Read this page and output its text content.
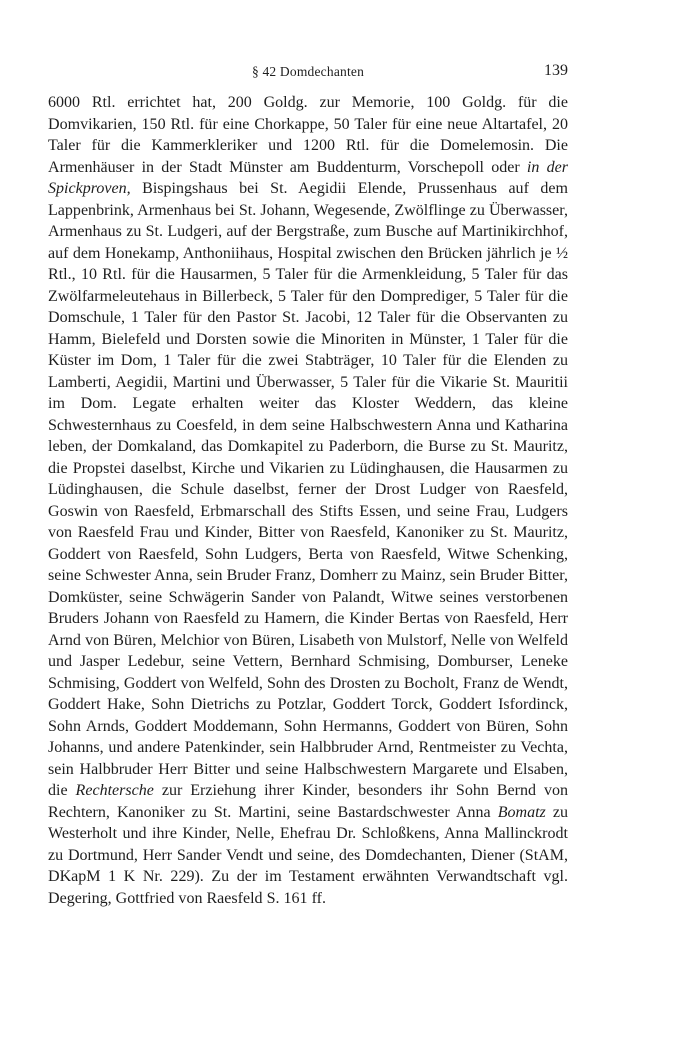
§ 42 Domdechanten	139

6000 Rtl. errichtet hat, 200 Goldg. zur Memorie, 100 Goldg. für die Domvikarien, 150 Rtl. für eine Chorkappe, 50 Taler für eine neue Altartafel, 20 Taler für die Kammerkleriker und 1200 Rtl. für die Domelemosin. Die Armenhäuser in der Stadt Münster am Buddenturm, Vorschepoll oder in der Spickproven, Bispingshaus bei St. Aegidii Elende, Prussenhaus auf dem Lappenbrink, Armenhaus bei St. Johann, Wegesende, Zwölflinge zu Überwasser, Armenhaus zu St. Ludgeri, auf der Bergstraße, zum Busche auf Martinikirchhof, auf dem Honekamp, Anthoniihaus, Hospital zwischen den Brücken jährlich je ½ Rtl., 10 Rtl. für die Hausarmen, 5 Taler für die Armenkleidung, 5 Taler für das Zwölfarmeleutehaus in Billerbeck, 5 Taler für den Domprediger, 5 Taler für die Domschule, 1 Taler für den Pastor St. Jacobi, 12 Taler für die Observanten zu Hamm, Bielefeld und Dorsten sowie die Minoriten in Münster, 1 Taler für die Küster im Dom, 1 Taler für die zwei Stabträger, 10 Taler für die Elenden zu Lamberti, Aegidii, Martini und Überwasser, 5 Taler für die Vikarie St. Mauritii im Dom. Legate erhalten weiter das Kloster Weddern, das kleine Schwesternhaus zu Coesfeld, in dem seine Halbschwestern Anna und Katharina leben, der Domkaland, das Domkapitel zu Paderborn, die Burse zu St. Mauritz, die Propstei daselbst, Kirche und Vikarien zu Lüdinghausen, die Hausarmen zu Lüdinghausen, die Schule daselbst, ferner der Drost Ludger von Raesfeld, Goswin von Raesfeld, Erbmarschall des Stifts Essen, und seine Frau, Ludgers von Raesfeld Frau und Kinder, Bitter von Raesfeld, Kanoniker zu St. Mauritz, Goddert von Raesfeld, Sohn Ludgers, Berta von Raesfeld, Witwe Schenking, seine Schwester Anna, sein Bruder Franz, Domherr zu Mainz, sein Bruder Bitter, Domküster, seine Schwägerin Sander von Palandt, Witwe seines verstorbenen Bruders Johann von Raesfeld zu Hamern, die Kinder Bertas von Raesfeld, Herr Arnd von Büren, Melchior von Büren, Lisabeth von Mulstorf, Nelle von Welfeld und Jasper Ledebur, seine Vettern, Bernhard Schmising, Domburser, Leneke Schmising, Goddert von Welfeld, Sohn des Drosten zu Bocholt, Franz de Wendt, Goddert Hake, Sohn Dietrichs zu Potzlar, Goddert Torck, Goddert Isfordinck, Sohn Arnds, Goddert Moddemann, Sohn Hermanns, Goddert von Büren, Sohn Johanns, und andere Patenkinder, sein Halbbruder Arnd, Rentmeister zu Vechta, sein Halbbruder Herr Bitter und seine Halbschwestern Margarete und Elsaben, die Rechtersche zur Erziehung ihrer Kinder, besonders ihr Sohn Bernd von Rechtern, Kanoniker zu St. Martini, seine Bastardschwester Anna Bomatz zu Westerholt und ihre Kinder, Nelle, Ehefrau Dr. Schloßkens, Anna Mallinckrodt zu Dortmund, Herr Sander Vendt und seine, des Domdechanten, Diener (StAM, DKapM 1 K Nr. 229). Zu der im Testament erwähnten Verwandtschaft vgl. Degering, Gottfried von Raesfeld S. 161 ff.
